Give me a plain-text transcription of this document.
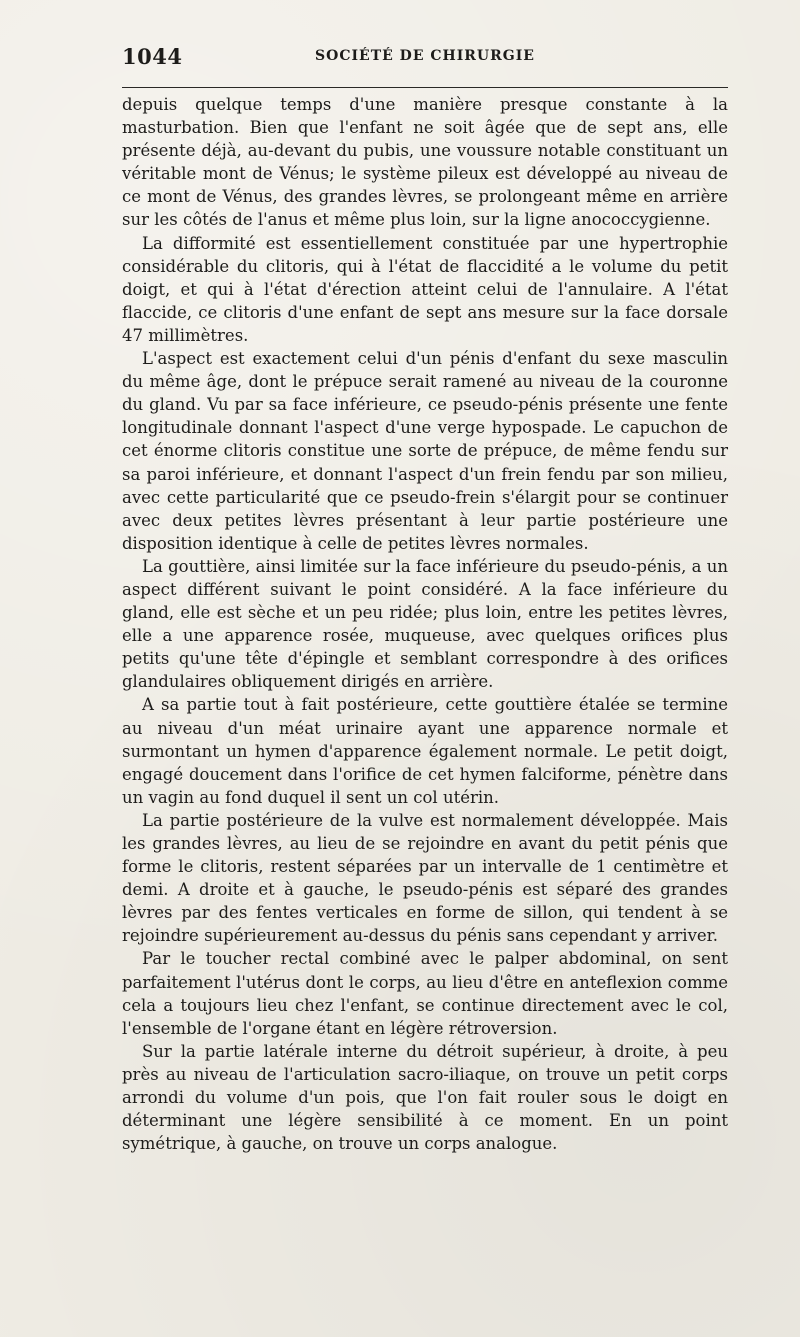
1044	SOCIÉTÉ DE CHIRURGIE

depuis quelque temps d'une manière presque constante à la masturbation. Bien que l'enfant ne soit âgée que de sept ans, elle présente déjà, au-devant du pubis, une voussure notable constituant un véritable mont de Vénus; le système pileux est développé au niveau de ce mont de Vénus, des grandes lèvres, se prolongeant même en arrière sur les côtés de l'anus et même plus loin, sur la ligne anococcygienne.

La difformité est essentiellement constituée par une hypertrophie considérable du clitoris, qui à l'état de flaccidité a le volume du petit doigt, et qui à l'état d'érection atteint celui de l'annulaire. A l'état flaccide, ce clitoris d'une enfant de sept ans mesure sur la face dorsale 47 millimètres.

L'aspect est exactement celui d'un pénis d'enfant du sexe masculin du même âge, dont le prépuce serait ramené au niveau de la couronne du gland. Vu par sa face inférieure, ce pseudo-pénis présente une fente longitudinale donnant l'aspect d'une verge hypospade. Le capuchon de cet énorme clitoris constitue une sorte de prépuce, de même fendu sur sa paroi inférieure, et donnant l'aspect d'un frein fendu par son milieu, avec cette particularité que ce pseudo-frein s'élargit pour se continuer avec deux petites lèvres présentant à leur partie postérieure une disposition identique à celle de petites lèvres normales.

La gouttière, ainsi limitée sur la face inférieure du pseudo-pénis, a un aspect différent suivant le point considéré. A la face inférieure du gland, elle est sèche et un peu ridée; plus loin, entre les petites lèvres, elle a une apparence rosée, muqueuse, avec quelques orifices plus petits qu'une tête d'épingle et semblant correspondre à des orifices glandulaires obliquement dirigés en arrière.

A sa partie tout à fait postérieure, cette gouttière étalée se termine au niveau d'un méat urinaire ayant une apparence normale et surmontant un hymen d'apparence également normale. Le petit doigt, engagé doucement dans l'orifice de cet hymen falciforme, pénètre dans un vagin au fond duquel il sent un col utérin.

La partie postérieure de la vulve est normalement développée. Mais les grandes lèvres, au lieu de se rejoindre en avant du petit pénis que forme le clitoris, restent séparées par un intervalle de 1 centimètre et demi. A droite et à gauche, le pseudo-pénis est séparé des grandes lèvres par des fentes verticales en forme de sillon, qui tendent à se rejoindre supérieurement au-dessus du pénis sans cependant y arriver.

Par le toucher rectal combiné avec le palper abdominal, on sent parfaitement l'utérus dont le corps, au lieu d'être en anteflexion comme cela a toujours lieu chez l'enfant, se continue directement avec le col, l'ensemble de l'organe étant en légère rétroversion.

Sur la partie latérale interne du détroit supérieur, à droite, à peu près au niveau de l'articulation sacro-iliaque, on trouve un petit corps arrondi du volume d'un pois, que l'on fait rouler sous le doigt en déterminant une légère sensibilité à ce moment. En un point symétrique, à gauche, on trouve un corps analogue.
